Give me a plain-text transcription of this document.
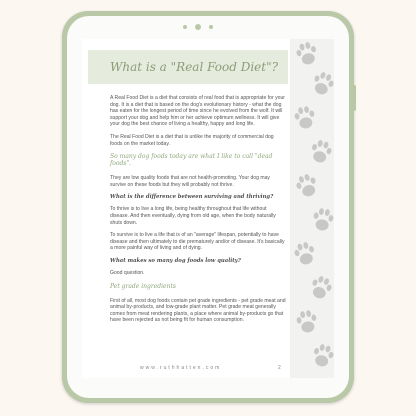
What is a "Real Food Diet"?

A Real Food Diet is a diet that consists of real food that is appropriate for your dog. It is a diet that is based on the dog's evolutionary history - what the dog has eaten for the longest period of time since he evolved from the wolf. It will support your dog and help him or her achieve optimum wellness. It will give your dog the best chance of living a healthy, happy and long life.

The Real Food Diet is a diet that is unlike the majority of commercial dog foods on the market today.

So many dog foods today are what I like to call "dead foods".

They are low quality foods that are not health-promoting. Your dog may survive on these foods but they will probably not thrive.

What is the difference between surviving and thriving?

To thrive is to live a long life, being healthy throughout that life without disease. And then eventually, dying from old age, when the body naturally shuts down.

To survive is to live a life that is of an "average" lifespan, potentially to have disease and then ultimately to die prematurely and/or of disease. It's basically a more painful way of living and of dying.

What makes so many dog foods low quality?

Good question.

Pet grade ingredients

First of all, most dog foods contain pet grade ingredients - pet grade meat and animal by-products, and low-grade plant matter. Pet grade meat generally comes from meat rendering plants, a place where animal by-products go that have been rejected as not being fit for human consumption.

www.ruthhatten.com	2
